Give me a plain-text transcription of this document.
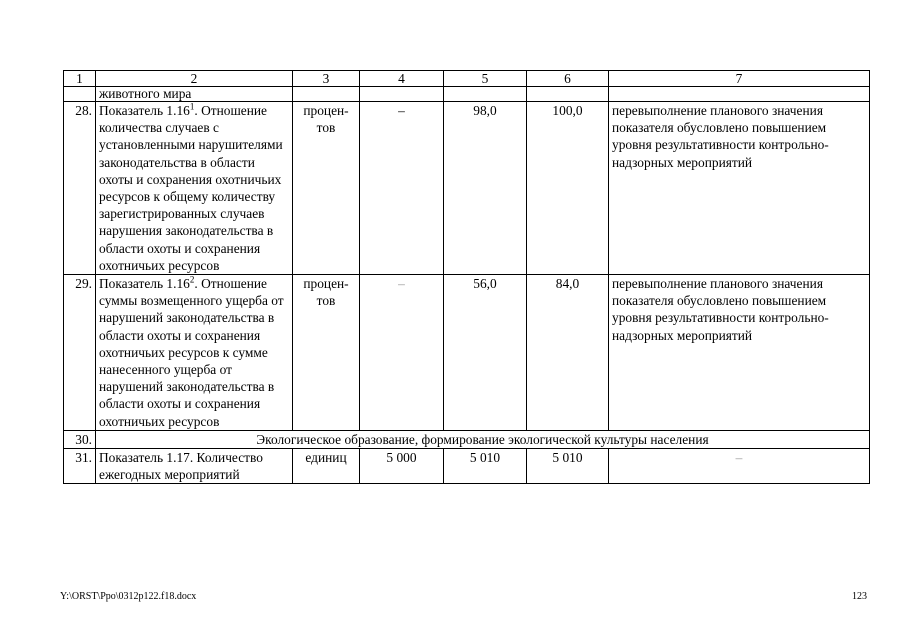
1	2	3	4	5	6	7
	животного мира					
28.	Показатель 1.16$^1$. Отношение количества случаев с установленными нарушителями законодательства в области охоты и сохранения охотничьих ресурсов к общему количеству зарегистрированных случаев нарушения законодательства в области охоты и сохранения охотничьих ресурсов	процен-тов	–	98,0	100,0	перевыполнение планового значения показателя обусловлено повышением уровня результативности контрольно-надзорных мероприятий
29.	Показатель 1.16$^2$. Отношение суммы возмещенного ущерба от нарушений законодательства в области охоты и сохранения охотничьих ресурсов к сумме нанесенного ущерба от нарушений законодательства в области охоты и сохранения охотничьих ресурсов	процен-тов	–	56,0	84,0	перевыполнение планового значения показателя обусловлено повышением уровня результативности контрольно-надзорных мероприятий
30.	Экологическое образование, формирование экологической культуры населения					
31.	Показатель 1.17. Количество ежегодных мероприятий	единиц	5 000	5 010	5 010	–
Y:\ORST\Ppo\0312p122.f18.docx	123
